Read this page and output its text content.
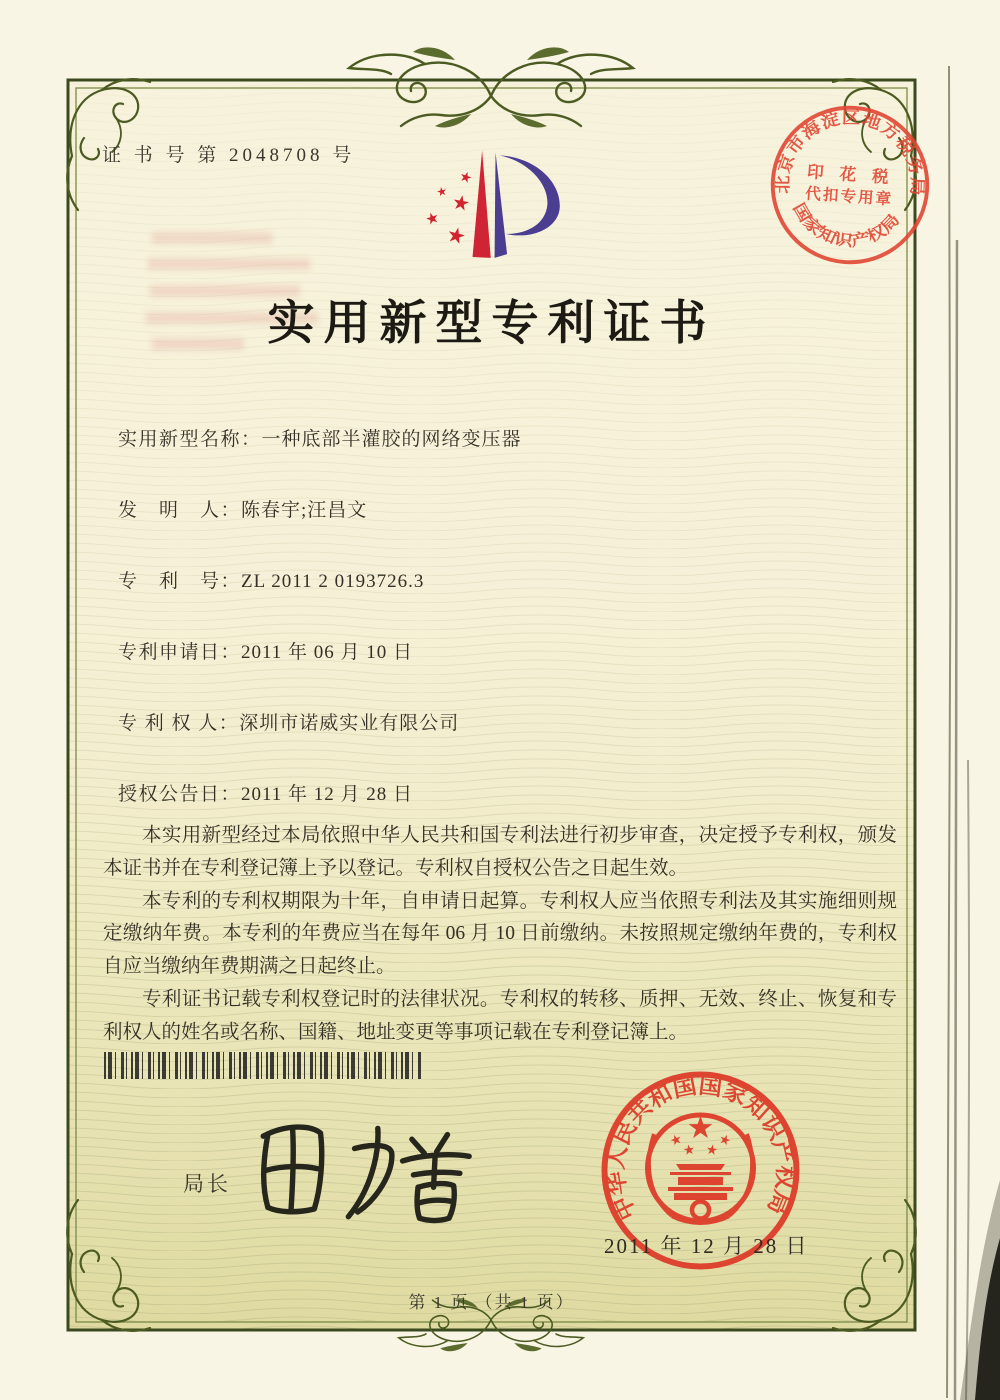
证 书 号 第 2048708 号
北京市海淀区地方税务局
印 花 税
代扣专用章
国家知识产权局
实用新型专利证书
实用新型名称：一种底部半灌胶的网络变压器
发　明　人：陈春宇;汪昌文
专　利　号：ZL 2011 2 0193726.3
专利申请日：2011 年 06 月 10 日
专 利 权 人：深圳市诺威实业有限公司
授权公告日：2011 年 12 月 28 日

本实用新型经过本局依照中华人民共和国专利法进行初步审查，决定授予专利权，颁发本证书并在专利登记簿上予以登记。专利权自授权公告之日起生效。

本专利的专利权期限为十年，自申请日起算。专利权人应当依照专利法及其实施细则规定缴纳年费。本专利的年费应当在每年 06 月 10 日前缴纳。未按照规定缴纳年费的，专利权自应当缴纳年费期满之日起终止。

专利证书记载专利权登记时的法律状况。专利权的转移、质押、无效、终止、恢复和专利权人的姓名或名称、国籍、地址变更等事项记载在专利登记簿上。

局长
中华人民共和国国家知识产权局
2011 年 12 月 28 日
第 1 页 （共 1 页）
